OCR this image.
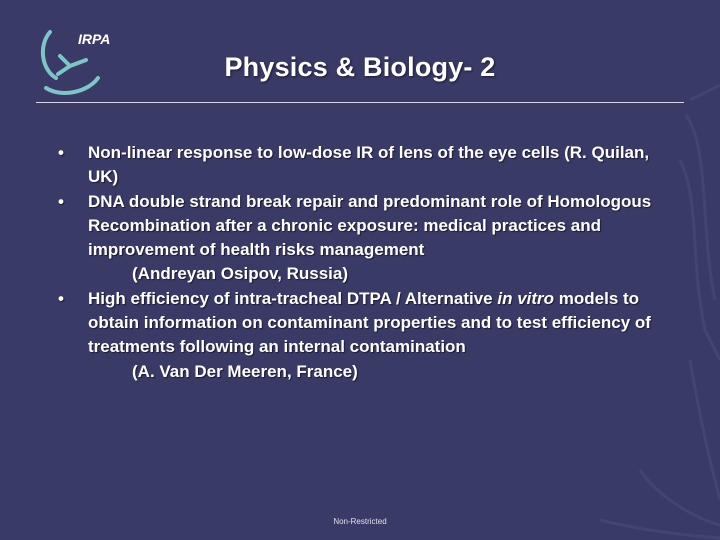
IRPA
Physics & Biology- 2

• Non-linear response to low-dose IR of lens of the eye cells (R. Quilan, UK)

• DNA double strand break repair and predominant role of Homologous Recombination after a chronic exposure: medical practices and improvement of health risks management
(Andreyan Osipov, Russia)

• High efficiency of intra-tracheal DTPA / Alternative in vitro models to obtain information on contaminant properties and to test efficiency of treatments following an internal contamination
(A. Van Der Meeren, France)

Non-Restricted
